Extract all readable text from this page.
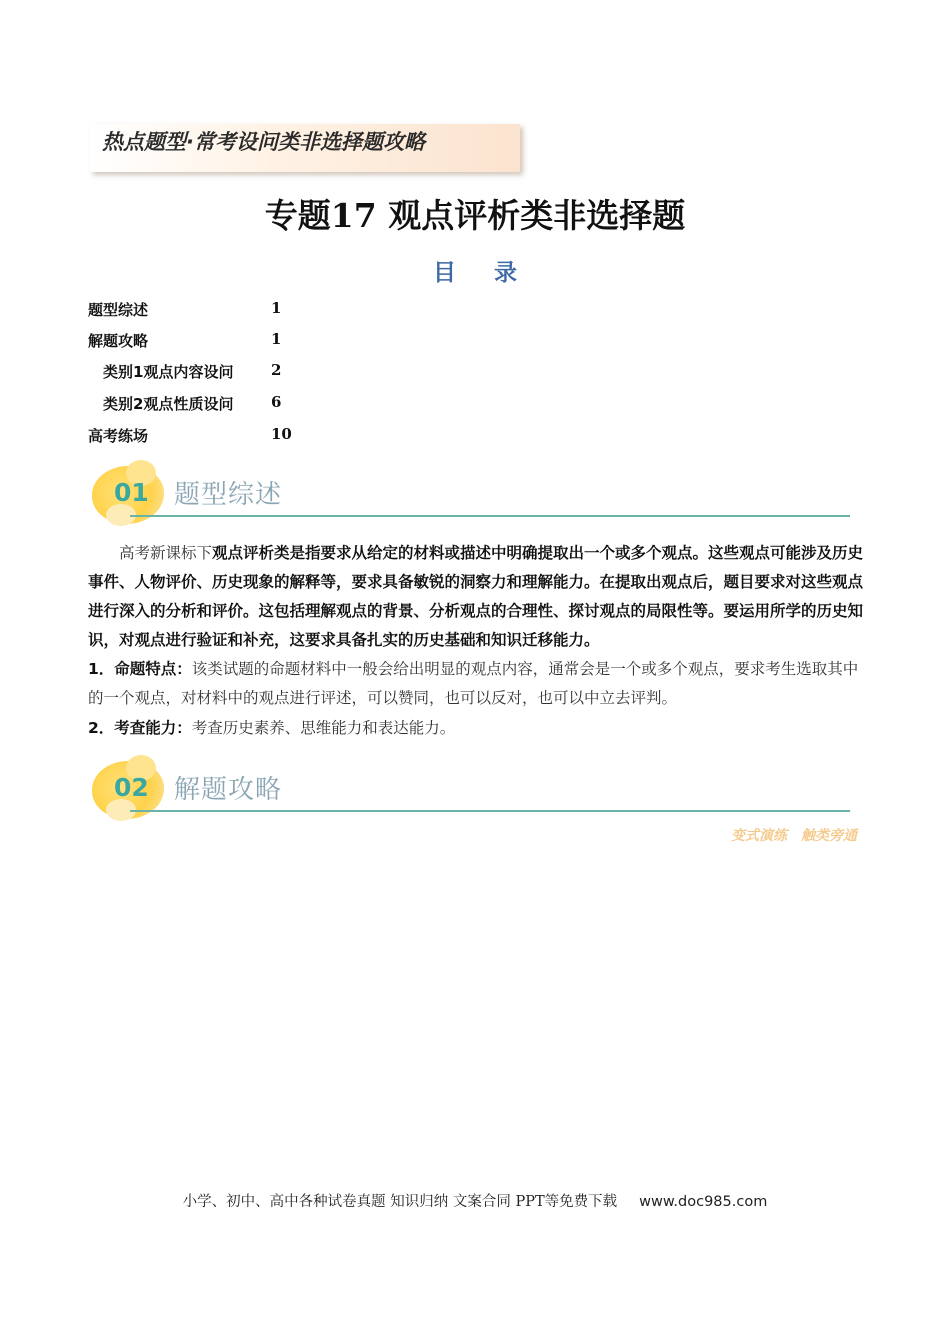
热点题型·常考设问类非选择题攻略
专题17 观点评析类非选择题
目录
题型综述	1
解题攻略	1
类别1观点内容设问	2
类别2观点性质设问	6
高考练场	10
01 题型综述
高考新课标下观点评析类是指要求从给定的材料或描述中明确提取出一个或多个观点。这些观点可能涉及历史事件、人物评价、历史现象的解释等，要求具备敏锐的洞察力和理解能力。在提取出观点后，题目要求对这些观点进行深入的分析和评价。这包括理解观点的背景、分析观点的合理性、探讨观点的局限性等。要运用所学的历史知识，对观点进行验证和补充，这要求具备扎实的历史基础和知识迁移能力。
1．命题特点：该类试题的命题材料中一般会给出明显的观点内容，通常会是一个或多个观点，要求考生选取其中的一个观点，对材料中的观点进行评述，可以赞同，也可以反对，也可以中立去评判。
2．考查能力：考查历史素养、思维能力和表达能力。
02 解题攻略
变式演练 触类旁通
小学、初中、高中各种试卷真题 知识归纳 文案合同 PPT等免费下载 www.doc985.com
